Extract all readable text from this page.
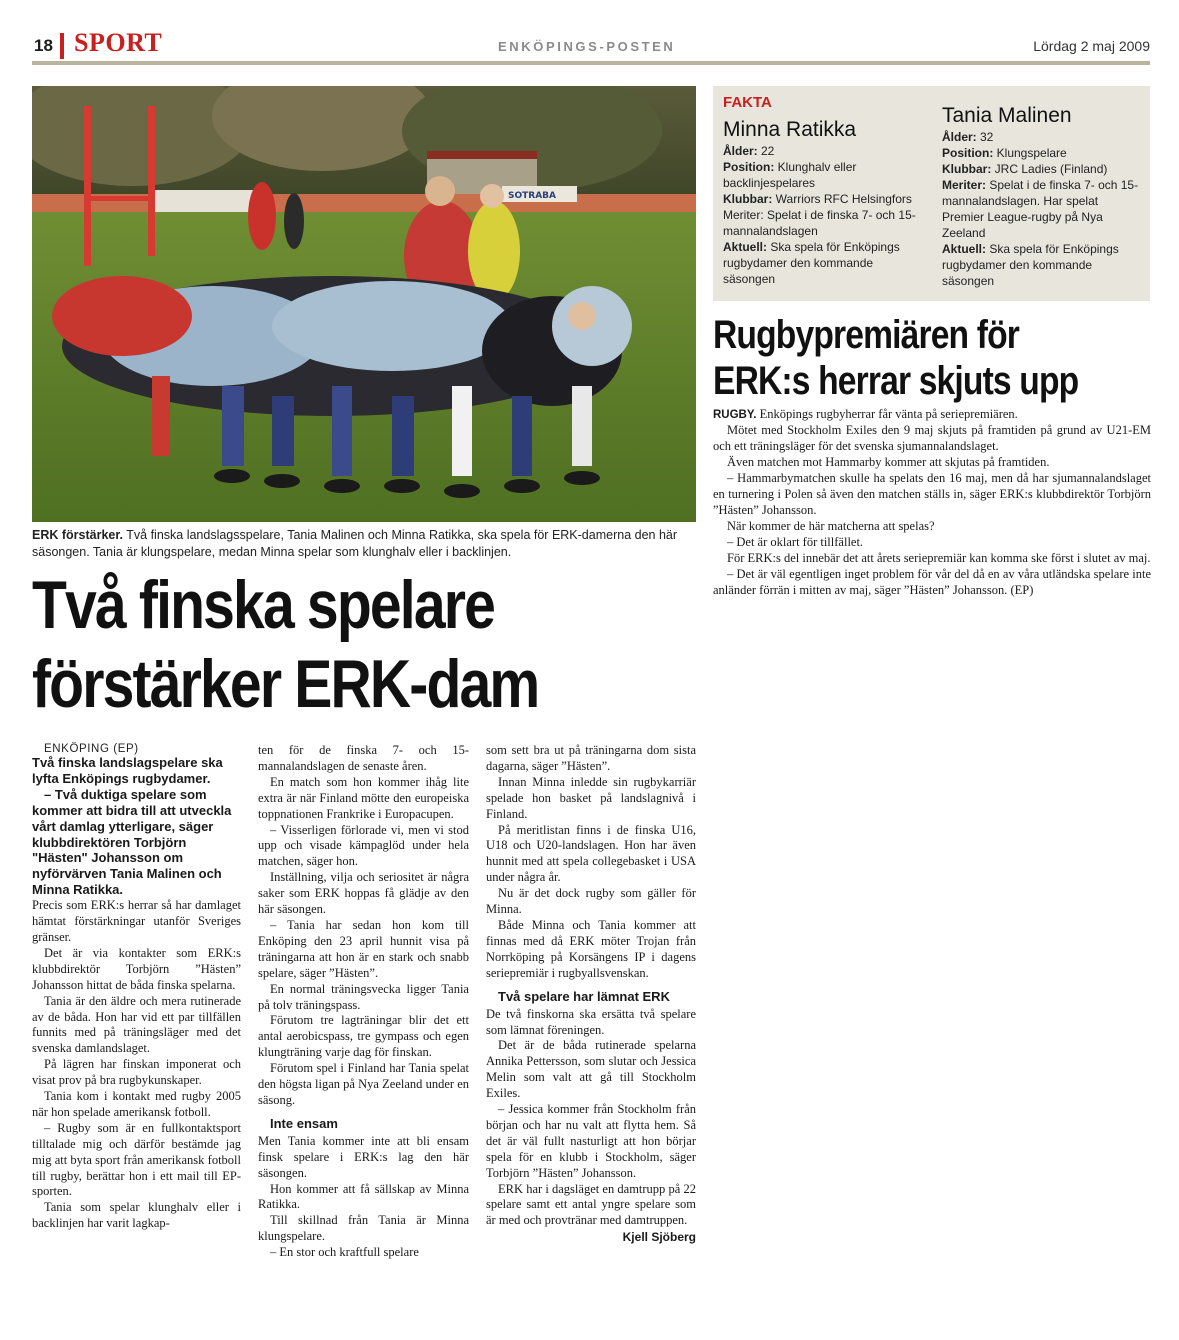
18 SPORT	ENKÖPINGS-POSTEN	Lördag 2 maj 2009
SOTRABA
ERK förstärker. Två finska landslagsspelare, Tania Malinen och Minna Ratikka, ska spela för ERK-damerna den här säsongen. Tania är klungspelare, medan Minna spelar som klunghalv eller i backlinjen.
Två finska spelare
förstärker ERK-dam

ENKÖPING (EP)

Två finska landslagspelare ska lyfta Enköpings rugbydamer.

– Två duktiga spelare som kommer att bidra till att utveckla vårt damlag ytterligare, säger klubbdirektören Torbjörn "Hästen" Johansson om nyförvärven Tania Malinen och Minna Ratikka.

Precis som ERK:s herrar så har damlaget hämtat förstärkningar utanför Sveriges gränser.

Det är via kontakter som ERK:s klubbdirektör Torbjörn ”Hästen” Johansson hittat de båda finska spelarna.

Tania är den äldre och mera rutinerade av de båda. Hon har vid ett par tillfällen funnits med på träningsläger med det svenska damlandslaget.

På lägren har finskan imponerat och visat prov på bra rugbykunskaper.

Tania kom i kontakt med rugby 2005 när hon spelade amerikansk fotboll.

– Rugby som är en fullkontaktsport tilltalade mig och därför bestämde jag mig att byta sport från amerikansk fotboll till rugby, berättar hon i ett mail till EP-sporten.

Tania som spelar klunghalv eller i backlinjen har varit lagkap-

ten för de finska 7- och 15-mannalandslagen de senaste åren.

En match som hon kommer ihåg lite extra är när Finland mötte den europeiska toppnationen Frankrike i Europacupen.

– Visserligen förlorade vi, men vi stod upp och visade kämpaglöd under hela matchen, säger hon.

Inställning, vilja och seriositet är några saker som ERK hoppas få glädje av den här säsongen.

– Tania har sedan hon kom till Enköping den 23 april hunnit visa på träningarna att hon är en stark och snabb spelare, säger ”Hästen”.

En normal träningsvecka ligger Tania på tolv träningspass.

Förutom tre lagträningar blir det ett antal aerobicspass, tre gympass och egen klungträning varje dag för finskan.

Förutom spel i Finland har Tania spelat den högsta ligan på Nya Zeeland under en säsong.

Inte ensam

Men Tania kommer inte att bli ensam finsk spelare i ERK:s lag den här säsongen.

Hon kommer att få sällskap av Minna Ratikka.

Till skillnad från Tania är Minna klungspelare.

– En stor och kraftfull spelare

som sett bra ut på träningarna dom sista dagarna, säger ”Hästen”.

Innan Minna inledde sin rugbykarriär spelade hon basket på landslagnivå i Finland.

På meritlistan finns i de finska U16, U18 och U20-landslagen. Hon har även hunnit med att spela collegebasket i USA under några år.

Nu är det dock rugby som gäller för Minna.

Både Minna och Tania kommer att finnas med då ERK möter Trojan från Norrköping på Korsängens IP i dagens seriepremiär i rugbyallsvenskan.

Två spelare har lämnat ERK

De två finskorna ska ersätta två spelare som lämnat föreningen.

Det är de båda rutinerade spelarna Annika Pettersson, som slutar och Jessica Melin som valt att gå till Stockholm Exiles.

– Jessica kommer från Stockholm från början och har nu valt att flytta hem. Så det är väl fullt nasturligt att hon börjar spela för en klubb i Stockholm, säger Torbjörn ”Hästen” Johansson.

ERK har i dagsläget en damtrupp på 22 spelare samt ett antal yngre spelare som är med och provtränar med damtruppen.

Kjell Sjöberg

FAKTA
Minna Ratikka
Ålder: 22
Position: Klunghalv eller backlinjespelares
Klubbar: Warriors RFC Helsingfors
Meriter: Spelat i de finska 7- och 15-mannalandslagen
Aktuell: Ska spela för Enköpings rugbydamer den kommande säsongen
Tania Malinen
Ålder: 32
Position: Klungspelare
Klubbar: JRC Ladies (Finland)
Meriter: Spelat i de finska 7- och 15-mannalandslagen. Har spelat Premier League-rugby på Nya Zeeland
Aktuell: Ska spela för Enköpings rugbydamer den kommande säsongen
Rugbypremiären för
ERK:s herrar skjuts upp

RUGBY. Enköpings rugbyherrar får vänta på seriepremiären.

Mötet med Stockholm Exiles den 9 maj skjuts på framtiden på grund av U21-EM och ett träningsläger för det svenska sjumannalandslaget.

Även matchen mot Hammarby kommer att skjutas på framtiden.

– Hammarbymatchen skulle ha spelats den 16 maj, men då har sjumannalandslaget en turnering i Polen så även den matchen ställs in, säger ERK:s klubbdirektör Torbjörn ”Hästen” Johansson.

När kommer de här matcherna att spelas?

– Det är oklart för tillfället.

För ERK:s del innebär det att årets seriepremiär kan komma ske först i slutet av maj.

– Det är väl egentligen inget problem för vår del då en av våra utländska spelare inte anländer förrän i mitten av maj, säger ”Hästen” Johansson. (EP)
